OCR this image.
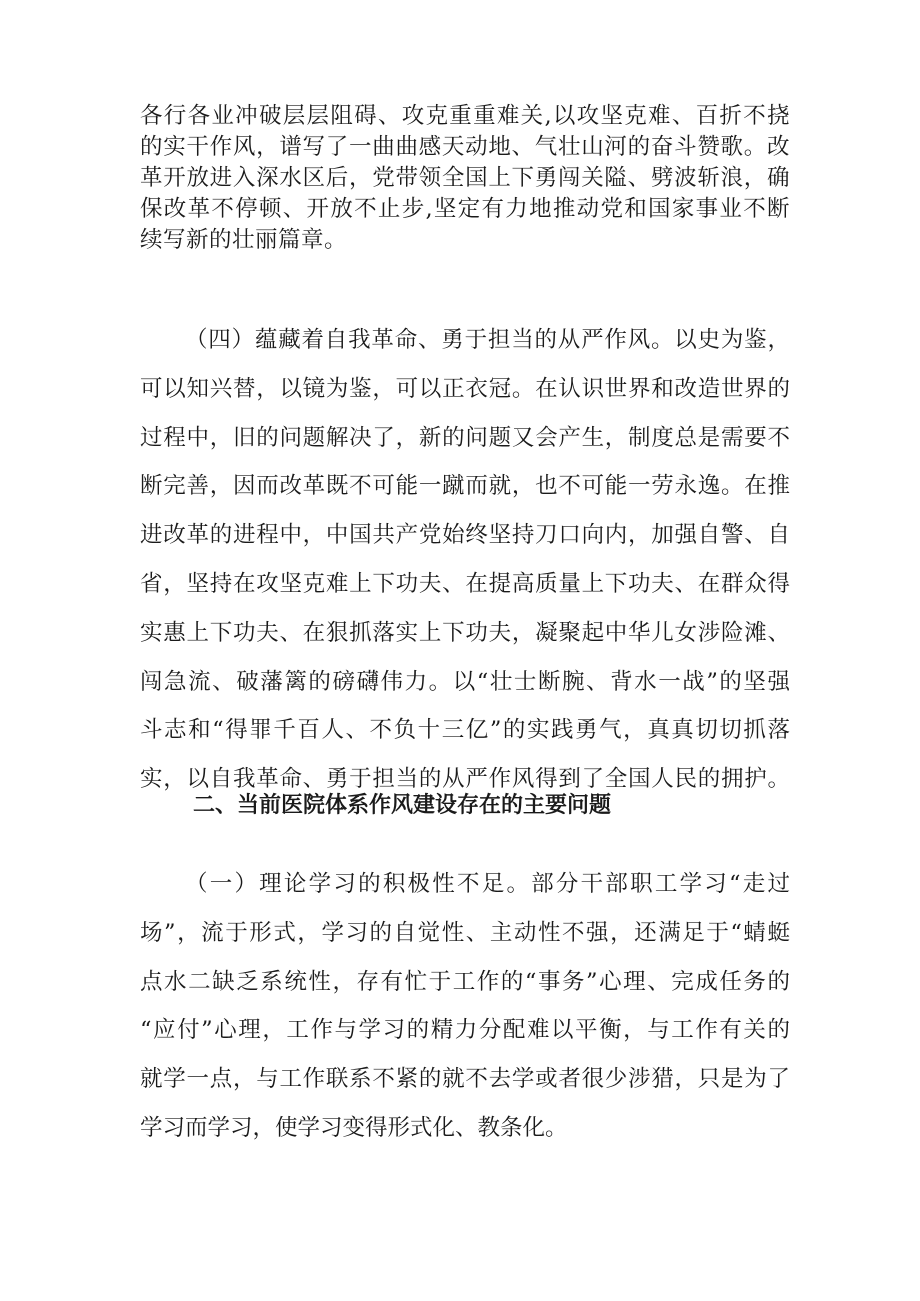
各行各业冲破层层阻碍、攻克重重难关,以攻坚克难、百折不挠
的实干作风，谱写了一曲曲感天动地、气壮山河的奋斗赞歌。改
革开放进入深水区后，党带领全国上下勇闯关隘、劈波斩浪，确
保改革不停顿、开放不止步,坚定有力地推动党和国家事业不断
续写新的壮丽篇章。
（四）蕴藏着自我革命、勇于担当的从严作风。以史为鉴，
可以知兴替，以镜为鉴，可以正衣冠。在认识世界和改造世界的
过程中，旧的问题解决了，新的问题又会产生，制度总是需要不
断完善，因而改革既不可能一蹴而就，也不可能一劳永逸。在推
进改革的进程中，中国共产党始终坚持刀口向内，加强自警、自
省，坚持在攻坚克难上下功夫、在提高质量上下功夫、在群众得
实惠上下功夫、在狠抓落实上下功夫，凝聚起中华儿女涉险滩、
闯急流、破藩篱的磅礴伟力。以“壮士断腕、背水一战”的坚强
斗志和“得罪千百人、不负十三亿”的实践勇气，真真切切抓落
实，以自我革命、勇于担当的从严作风得到了全国人民的拥护。
二、当前医院体系作风建设存在的主要问题
（一）理论学习的积极性不足。部分干部职工学习“走过
场”，流于形式，学习的自觉性、主动性不强，还满足于“蜻蜓
点水二缺乏系统性，存有忙于工作的“事务”心理、完成任务的
“应付”心理，工作与学习的精力分配难以平衡，与工作有关的
就学一点，与工作联系不紧的就不去学或者很少涉猎，只是为了
学习而学习，使学习变得形式化、教条化。
